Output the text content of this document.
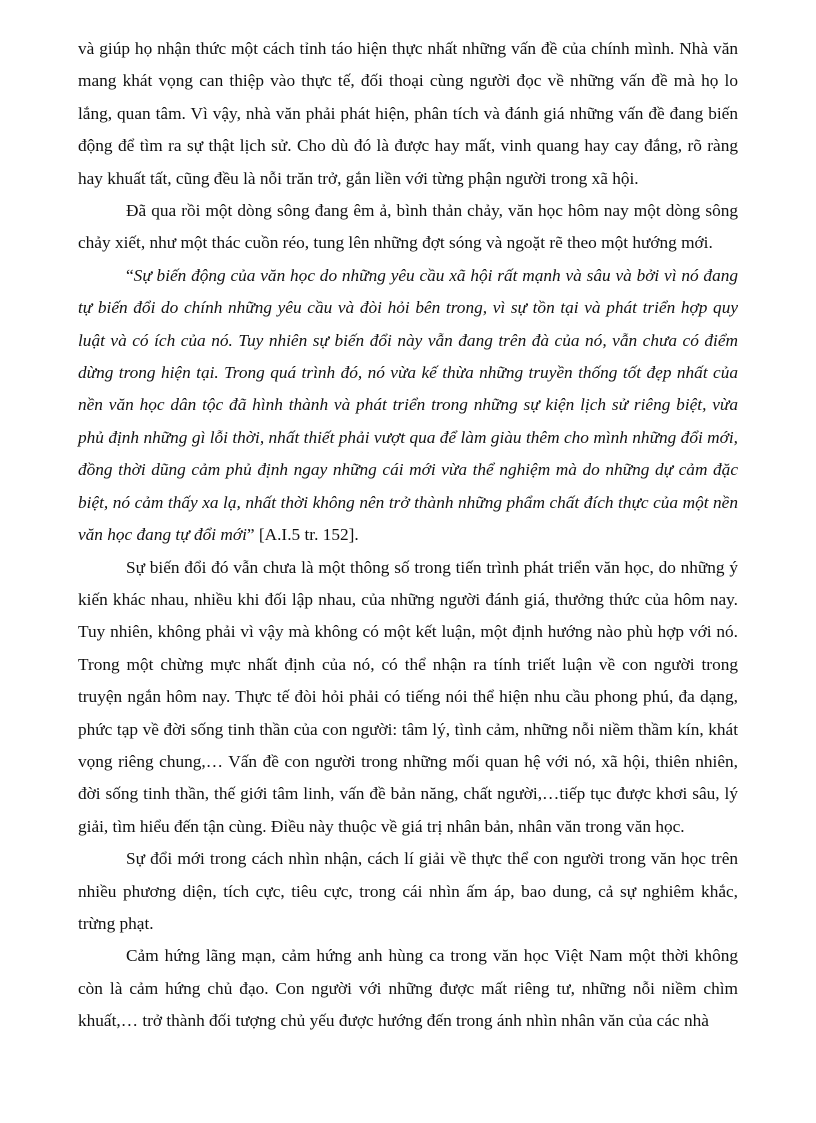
và giúp họ nhận thức một cách tỉnh táo hiện thực nhất những vấn đề của chính mình. Nhà văn mang khát vọng can thiệp vào thực tế, đối thoại cùng người đọc về những vấn đề mà họ lo lắng, quan tâm. Vì vậy, nhà văn phải phát hiện, phân tích và đánh giá những vấn đề đang biến động để tìm ra sự thật lịch sử. Cho dù đó là được hay mất, vinh quang hay cay đắng, rõ ràng hay khuất tất, cũng đều là nỗi trăn trở, gắn liền với từng phận người trong xã hội.

Đã qua rồi một dòng sông đang êm ả, bình thản chảy, văn học hôm nay một dòng sông chảy xiết, như một thác cuồn réo, tung lên những đợt sóng và ngoặt rẽ theo một hướng mới.

“Sự biến động của văn học do những yêu cầu xã hội rất mạnh và sâu và bởi vì nó đang tự biến đổi do chính những yêu cầu và đòi hỏi bên trong, vì sự tồn tại và phát triển hợp quy luật và có ích của nó. Tuy nhiên sự biến đổi này vẫn đang trên đà của nó, vẫn chưa có điểm dừng trong hiện tại. Trong quá trình đó, nó vừa kế thừa những truyền thống tốt đẹp nhất của nền văn học dân tộc đã hình thành và phát triển trong những sự kiện lịch sử riêng biệt, vừa phủ định những gì lỗi thời, nhất thiết phải vượt qua để làm giàu thêm cho mình những đổi mới, đồng thời dũng cảm phủ định ngay những cái mới vừa thể nghiệm mà do những dự cảm đặc biệt, nó cảm thấy xa lạ, nhất thời không nên trở thành những phẩm chất đích thực của một nền văn học đang tự đổi mới” [A.I.5 tr. 152].

Sự biến đổi đó vẫn chưa là một thông số trong tiến trình phát triển văn học, do những ý kiến khác nhau, nhiều khi đối lập nhau, của những người đánh giá, thưởng thức của hôm nay. Tuy nhiên, không phải vì vậy mà không có một kết luận, một định hướng nào phù hợp với nó. Trong một chừng mực nhất định của nó, có thể nhận ra tính triết luận về con người trong truyện ngắn hôm nay. Thực tế đòi hỏi phải có tiếng nói thể hiện nhu cầu phong phú, đa dạng, phức tạp về đời sống tinh thần của con người: tâm lý, tình cảm, những nỗi niềm thầm kín, khát vọng riêng chung,… Vấn đề con người trong những mối quan hệ với nó, xã hội, thiên nhiên, đời sống tinh thần, thế giới tâm linh, vấn đề bản năng, chất người,…tiếp tục được khơi sâu, lý giải, tìm hiểu đến tận cùng. Điều này thuộc về giá trị nhân bản, nhân văn trong văn học.

Sự đổi mới trong cách nhìn nhận, cách lí giải về thực thể con người trong văn học trên nhiều phương diện, tích cực, tiêu cực, trong cái nhìn ấm áp, bao dung, cả sự nghiêm khắc, trừng phạt.

Cảm hứng lãng mạn, cảm hứng anh hùng ca trong văn học Việt Nam một thời không còn là cảm hứng chủ đạo. Con người với những được mất riêng tư, những nỗi niềm chìm khuất,… trở thành đối tượng chủ yếu được hướng đến trong ánh nhìn nhân văn của các nhà
